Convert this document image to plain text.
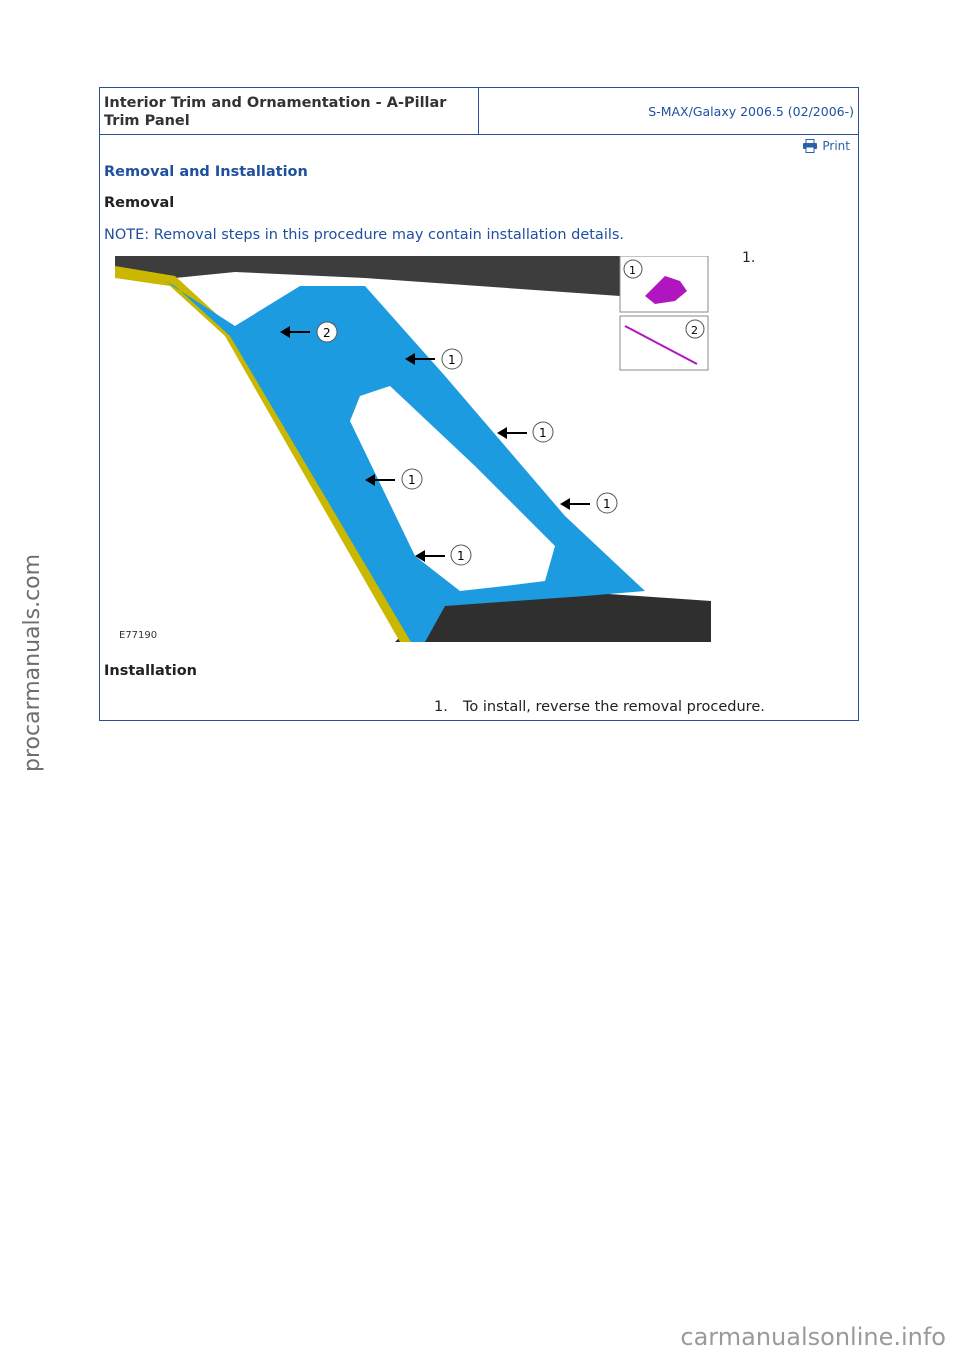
Interior Trim and Ornamentation - A-Pillar Trim Panel
S-MAX/Galaxy 2006.5 (02/2006-)
Print
Removal and Installation
Removal
NOTE: Removal steps in this procedure may contain installation details.
1.
2
1
1
1
1
1
1
2
E77190
Installation
1. To install, reverse the removal procedure.
procarmanuals.com
carmanualsonline.info
